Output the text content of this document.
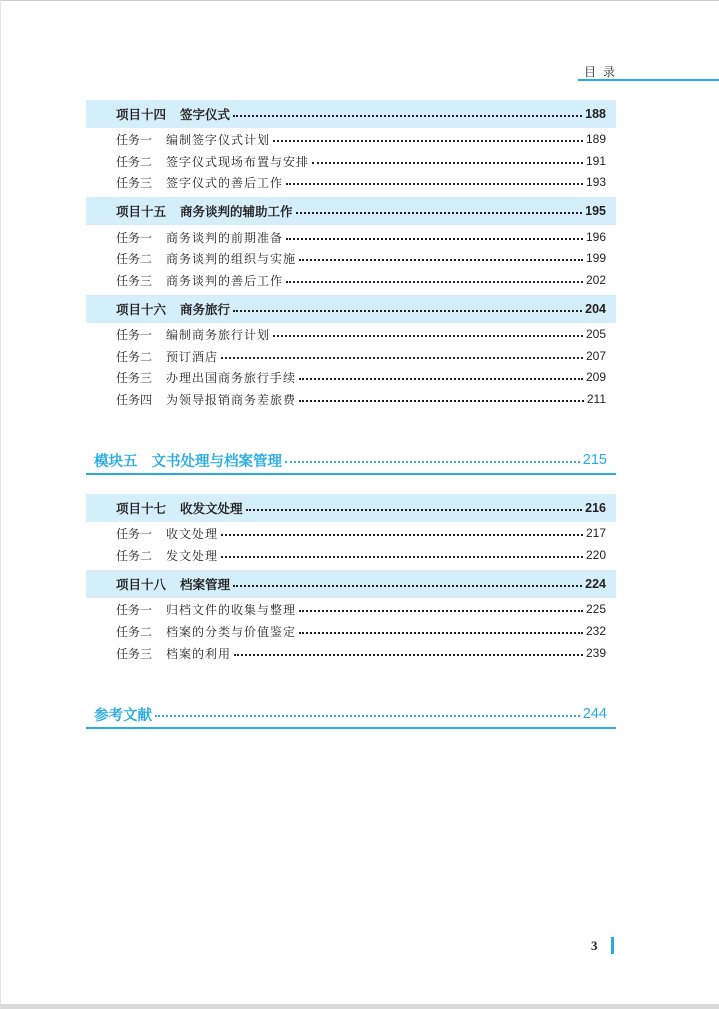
目录
项目十四 签字仪式	188
任务一 编制签字仪式计划	189
任务二 签字仪式现场布置与安排	191
任务三 签字仪式的善后工作	193
项目十五 商务谈判的辅助工作	195
任务一 商务谈判的前期准备	196
任务二 商务谈判的组织与实施	199
任务三 商务谈判的善后工作	202
项目十六 商务旅行	204
任务一 编制商务旅行计划	205
任务二 预订酒店	207
任务三 办理出国商务旅行手续	209
任务四 为领导报销商务差旅费	211
模块五 文书处理与档案管理	215
项目十七 收发文处理	216
任务一 收文处理	217
任务二 发文处理	220
项目十八 档案管理	224
任务一 归档文件的收集与整理	225
任务二 档案的分类与价值鉴定	232
任务三 档案的利用	239
参考文献	244
3
